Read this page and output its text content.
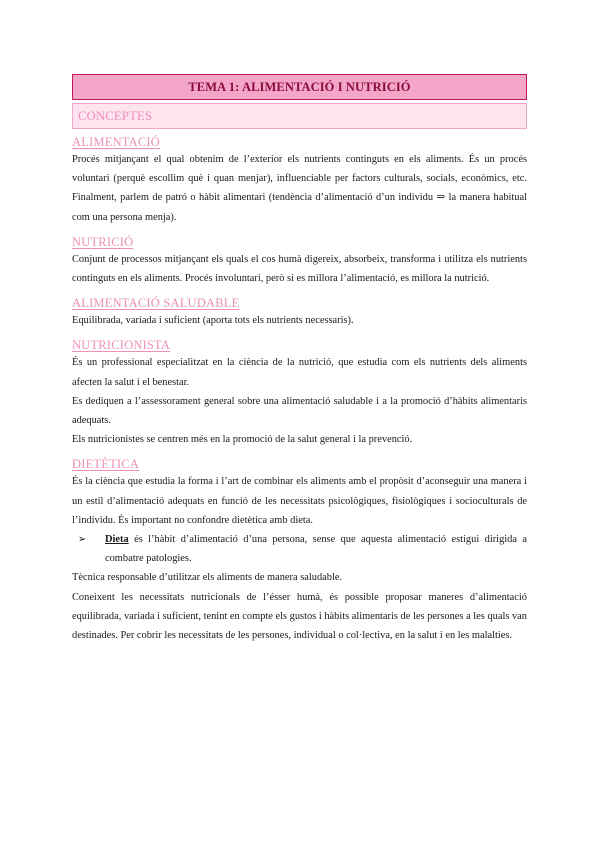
TEMA 1: ALIMENTACIÓ I NUTRICIÓ
CONCEPTES

ALIMENTACIÓ

Procés mitjançant el qual obtenim de l’exterior els nutrients continguts en els aliments. És un procés voluntari (perquè escollim què i quan menjar), influenciable per factors culturals, socials, econòmics, etc. Finalment, parlem de patró o hàbit alimentari (tendència d’alimentació d’un individu ⇒ la manera habitual com una persona menja).

NUTRICIÓ

Conjunt de processos mitjançant els quals el cos humà digereix, absorbeix, transforma i utilitza els nutrients continguts en els aliments. Procés involuntari, però si es millora l’alimentació, es millora la nutrició.

ALIMENTACIÓ SALUDABLE

Equilibrada, variada i suficient (aporta tots els nutrients necessaris).

NUTRICIONISTA

És un professional especialitzat en la ciència de la nutrició, que estudia com els nutrients dels aliments afecten la salut i el benestar.

Es dediquen a l’assessorament general sobre una alimentació saludable i a la promoció d’hàbits alimentaris adequats.

Els nutricionistes se centren més en la promoció de la salut general i la prevenció.

DIETÈTICA

És la ciència que estudia la forma i l’art de combinar els aliments amb el propòsit d’aconseguir una manera i un estil d’alimentació adequats en funció de les necessitats psicològiques, fisiològiques i socioculturals de l’individu. És important no confondre dietètica amb dieta.

➢	Dieta és l’hàbit d’alimentació d’una persona, sense que aquesta alimentació estigui dirigida a combatre patologies.

Tècnica responsable d’utilitzar els aliments de manera saludable.

Coneixent les necessitats nutricionals de l’ésser humà, és possible proposar maneres d’alimentació equilibrada, variada i suficient, tenint en compte els gustos i hàbits alimentaris de les persones a les quals van destinades. Per cobrir les necessitats de les persones, individual o col·lectiva, en la salut i en les malalties.
